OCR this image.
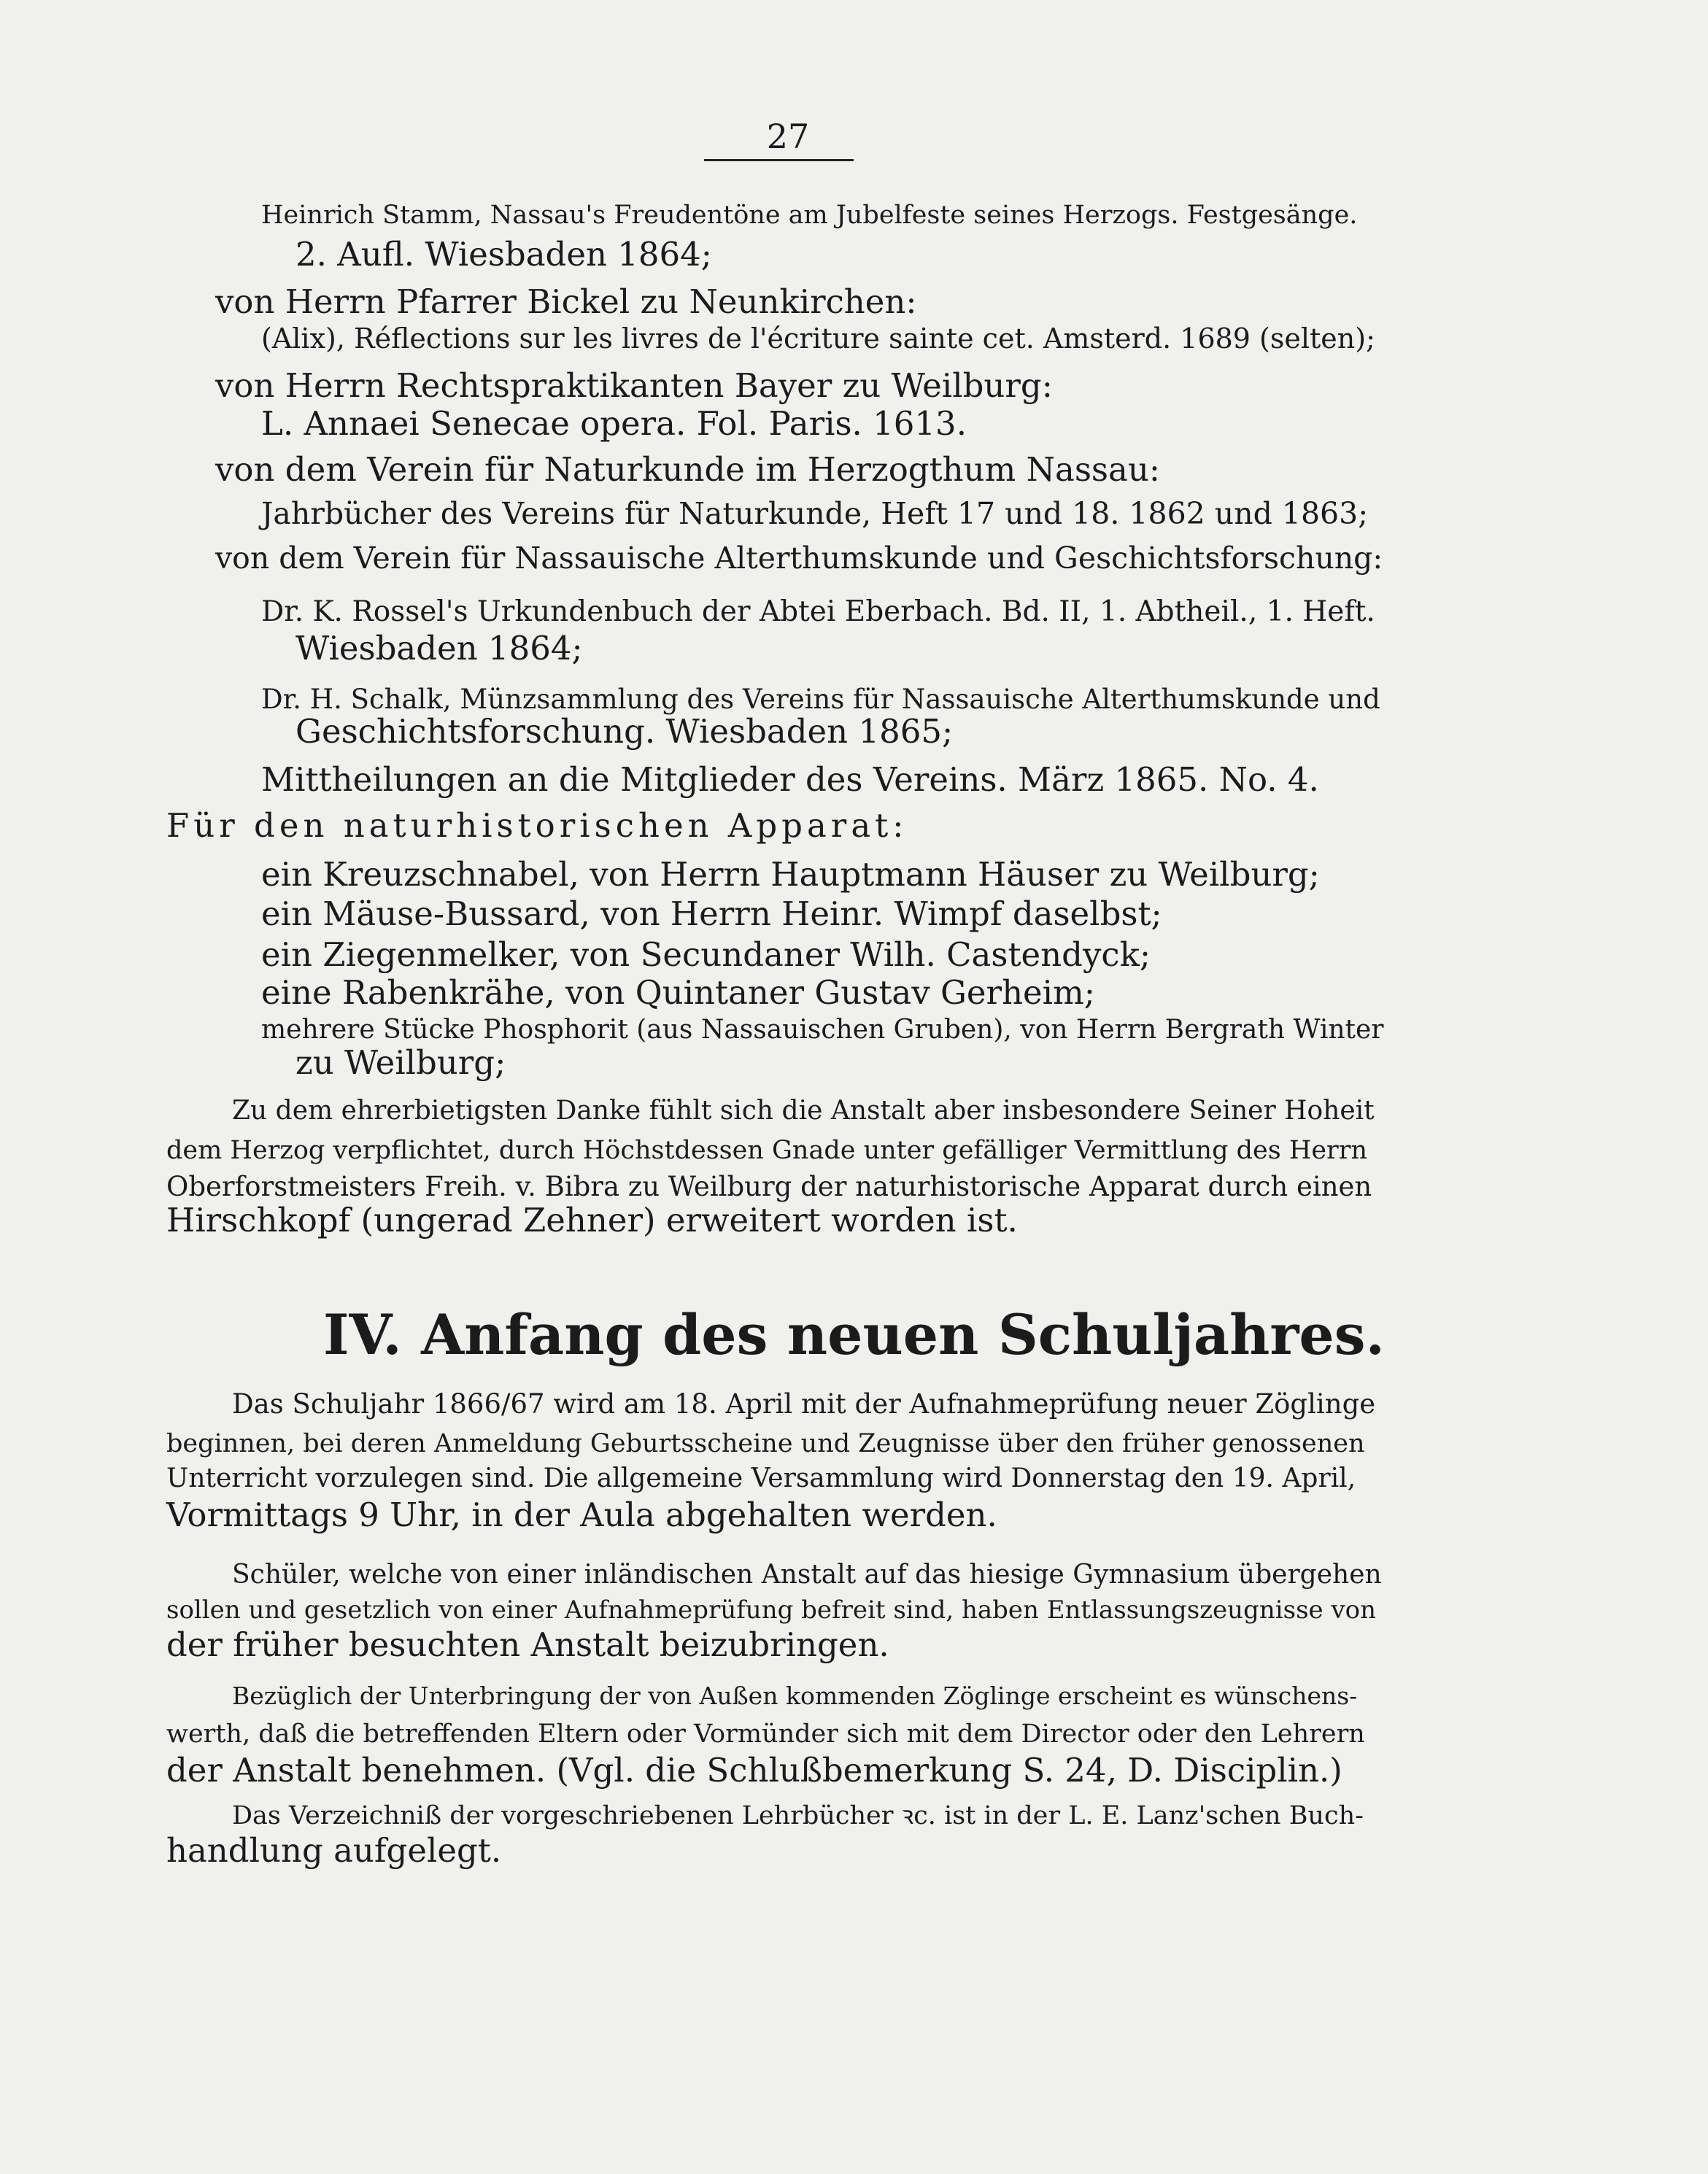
27
Heinrich Stamm, Nassau's Freudentöne am Jubelfeste seines Herzogs. Festgesänge.
2. Aufl. Wiesbaden 1864;
von Herrn Pfarrer Bickel zu Neunkirchen:
(Alix), Réflections sur les livres de l'écriture sainte cet. Amsterd. 1689 (selten);
von Herrn Rechtspraktikanten Bayer zu Weilburg:
L. Annaei Senecae opera. Fol. Paris. 1613.
von dem Verein für Naturkunde im Herzogthum Nassau:
Jahrbücher des Vereins für Naturkunde, Heft 17 und 18. 1862 und 1863;
von dem Verein für Nassauische Alterthumskunde und Geschichtsforschung:
Dr. K. Rossel's Urkundenbuch der Abtei Eberbach. Bd. II, 1. Abtheil., 1. Heft.
Wiesbaden 1864;
Dr. H. Schalk, Münzsammlung des Vereins für Nassauische Alterthumskunde und
Geschichtsforschung. Wiesbaden 1865;
Mittheilungen an die Mitglieder des Vereins. März 1865. No. 4.
Für den naturhistorischen Apparat:
ein Kreuzschnabel, von Herrn Hauptmann Häuser zu Weilburg;
ein Mäuse-Bussard, von Herrn Heinr. Wimpf daselbst;
ein Ziegenmelker, von Secundaner Wilh. Castendyck;
eine Rabenkrähe, von Quintaner Gustav Gerheim;
mehrere Stücke Phosphorit (aus Nassauischen Gruben), von Herrn Bergrath Winter
zu Weilburg;
Zu dem ehrerbietigsten Danke fühlt sich die Anstalt aber insbesondere Seiner Hoheit
dem Herzog verpflichtet, durch Höchstdessen Gnade unter gefälliger Vermittlung des Herrn
Oberforstmeisters Freih. v. Bibra zu Weilburg der naturhistorische Apparat durch einen
Hirschkopf (ungerad Zehner) erweitert worden ist.
IV. Anfang des neuen Schuljahres.
Das Schuljahr 1866/67 wird am 18. April mit der Aufnahmeprüfung neuer Zöglinge
beginnen, bei deren Anmeldung Geburtsscheine und Zeugnisse über den früher genossenen
Unterricht vorzulegen sind. Die allgemeine Versammlung wird Donnerstag den 19. April,
Vormittags 9 Uhr, in der Aula abgehalten werden.
Schüler, welche von einer inländischen Anstalt auf das hiesige Gymnasium übergehen
sollen und gesetzlich von einer Aufnahmeprüfung befreit sind, haben Entlassungszeugnisse von
der früher besuchten Anstalt beizubringen.
Bezüglich der Unterbringung der von Außen kommenden Zöglinge erscheint es wünschens-
werth, daß die betreffenden Eltern oder Vormünder sich mit dem Director oder den Lehrern
der Anstalt benehmen. (Vgl. die Schlußbemerkung S. 24, D. Disciplin.)
Das Verzeichniß der vorgeschriebenen Lehrbücher ꝛc. ist in der L. E. Lanz'schen Buch-
handlung aufgelegt.
